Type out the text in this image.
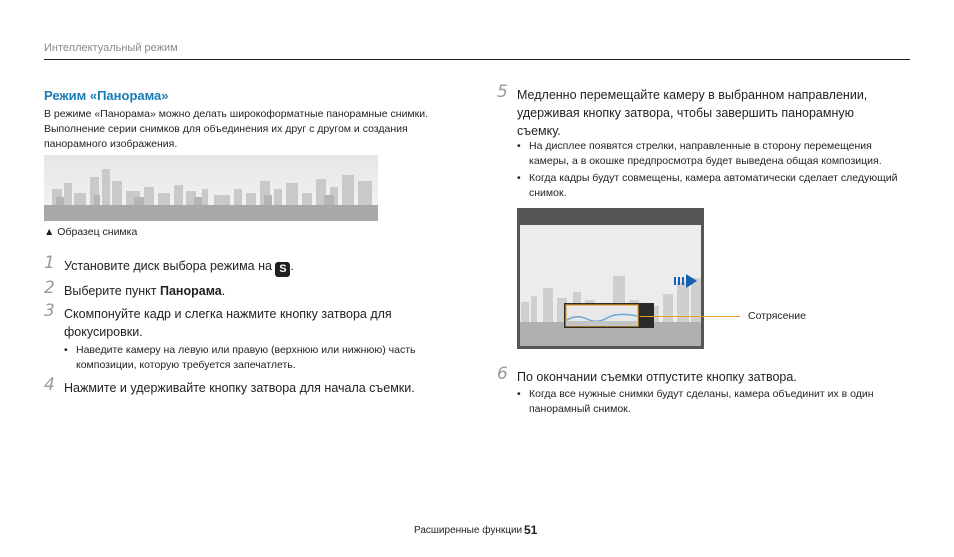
Интеллектуальный режим
Режим «Панорама»
В режиме «Панорама» можно делать широкоформатные панорамные снимки. Выполнение серии снимков для объединения их друг с другом и создания панорамного изображения.
▲ Образец снимка
1 Установите диск выбора режима на S .
2 Выберите пункт Панорама.
3 Скомпонуйте кадр и слегка нажмите кнопку затвора для фокусировки.
• Наведите камеру на левую или правую (верхнюю или нижнюю) часть композиции, которую требуется запечатлеть.
4 Нажмите и удерживайте кнопку затвора для начала съемки.
5 Медленно перемещайте камеру в выбранном направлении, удерживая кнопку затвора, чтобы завершить панорамную съемку.
• На дисплее появятся стрелки, направленные в сторону перемещения камеры, а в окошке предпросмотра будет выведена общая композиция.
• Когда кадры будут совмещены, камера автоматически сделает следующий снимок.
Сотрясение
6 По окончании съемки отпустите кнопку затвора.
• Когда все нужные снимки будут сделаны, камера объединит их в один панорамный снимок.
Расширенные функции 51
